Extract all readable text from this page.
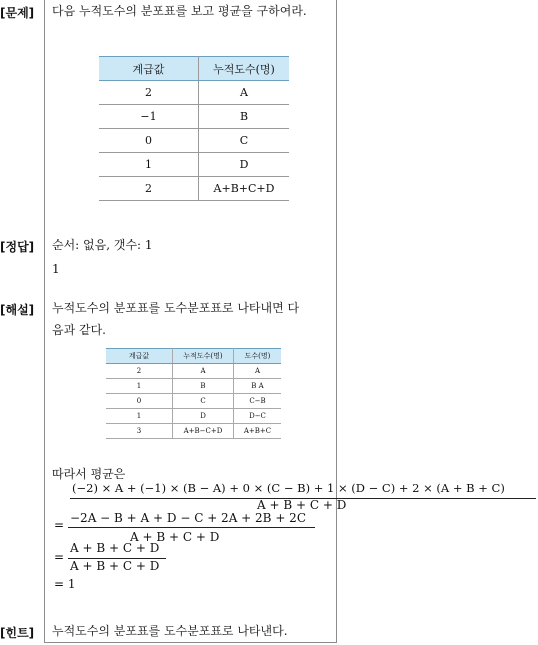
[문제] 다음 누적도수의 분포표를 보고 평균을 구하여라.
계급값	누적도수(명)
2	A
−1	B
0	C
1	D
2	A+B+C+D
[정답] 순서: 없음, 갯수: 1
1
[해설] 누적도수의 분포표를 도수분포표로 나타내면 다
음과 같다.
계급값	누적도수(명)	도수(명)
2	A	A
1	B	B A
0	C	C−B
1	D	D−C
3	A+B−C+D	A+B+C
따라서 평균은
(−2) × A + (−1) × (B − A) + 0 × (C − B) + 1 × (D − C) + 2 × (A + B + C)
A + B + C + D
= −2A − B + A + D − C + 2A + 2B + 2C
A + B + C + D
=
A + B + C + D
A + B + C + D
= 1
[힌트] 누적도수의 분포표를 도수분포표로 나타낸다.
